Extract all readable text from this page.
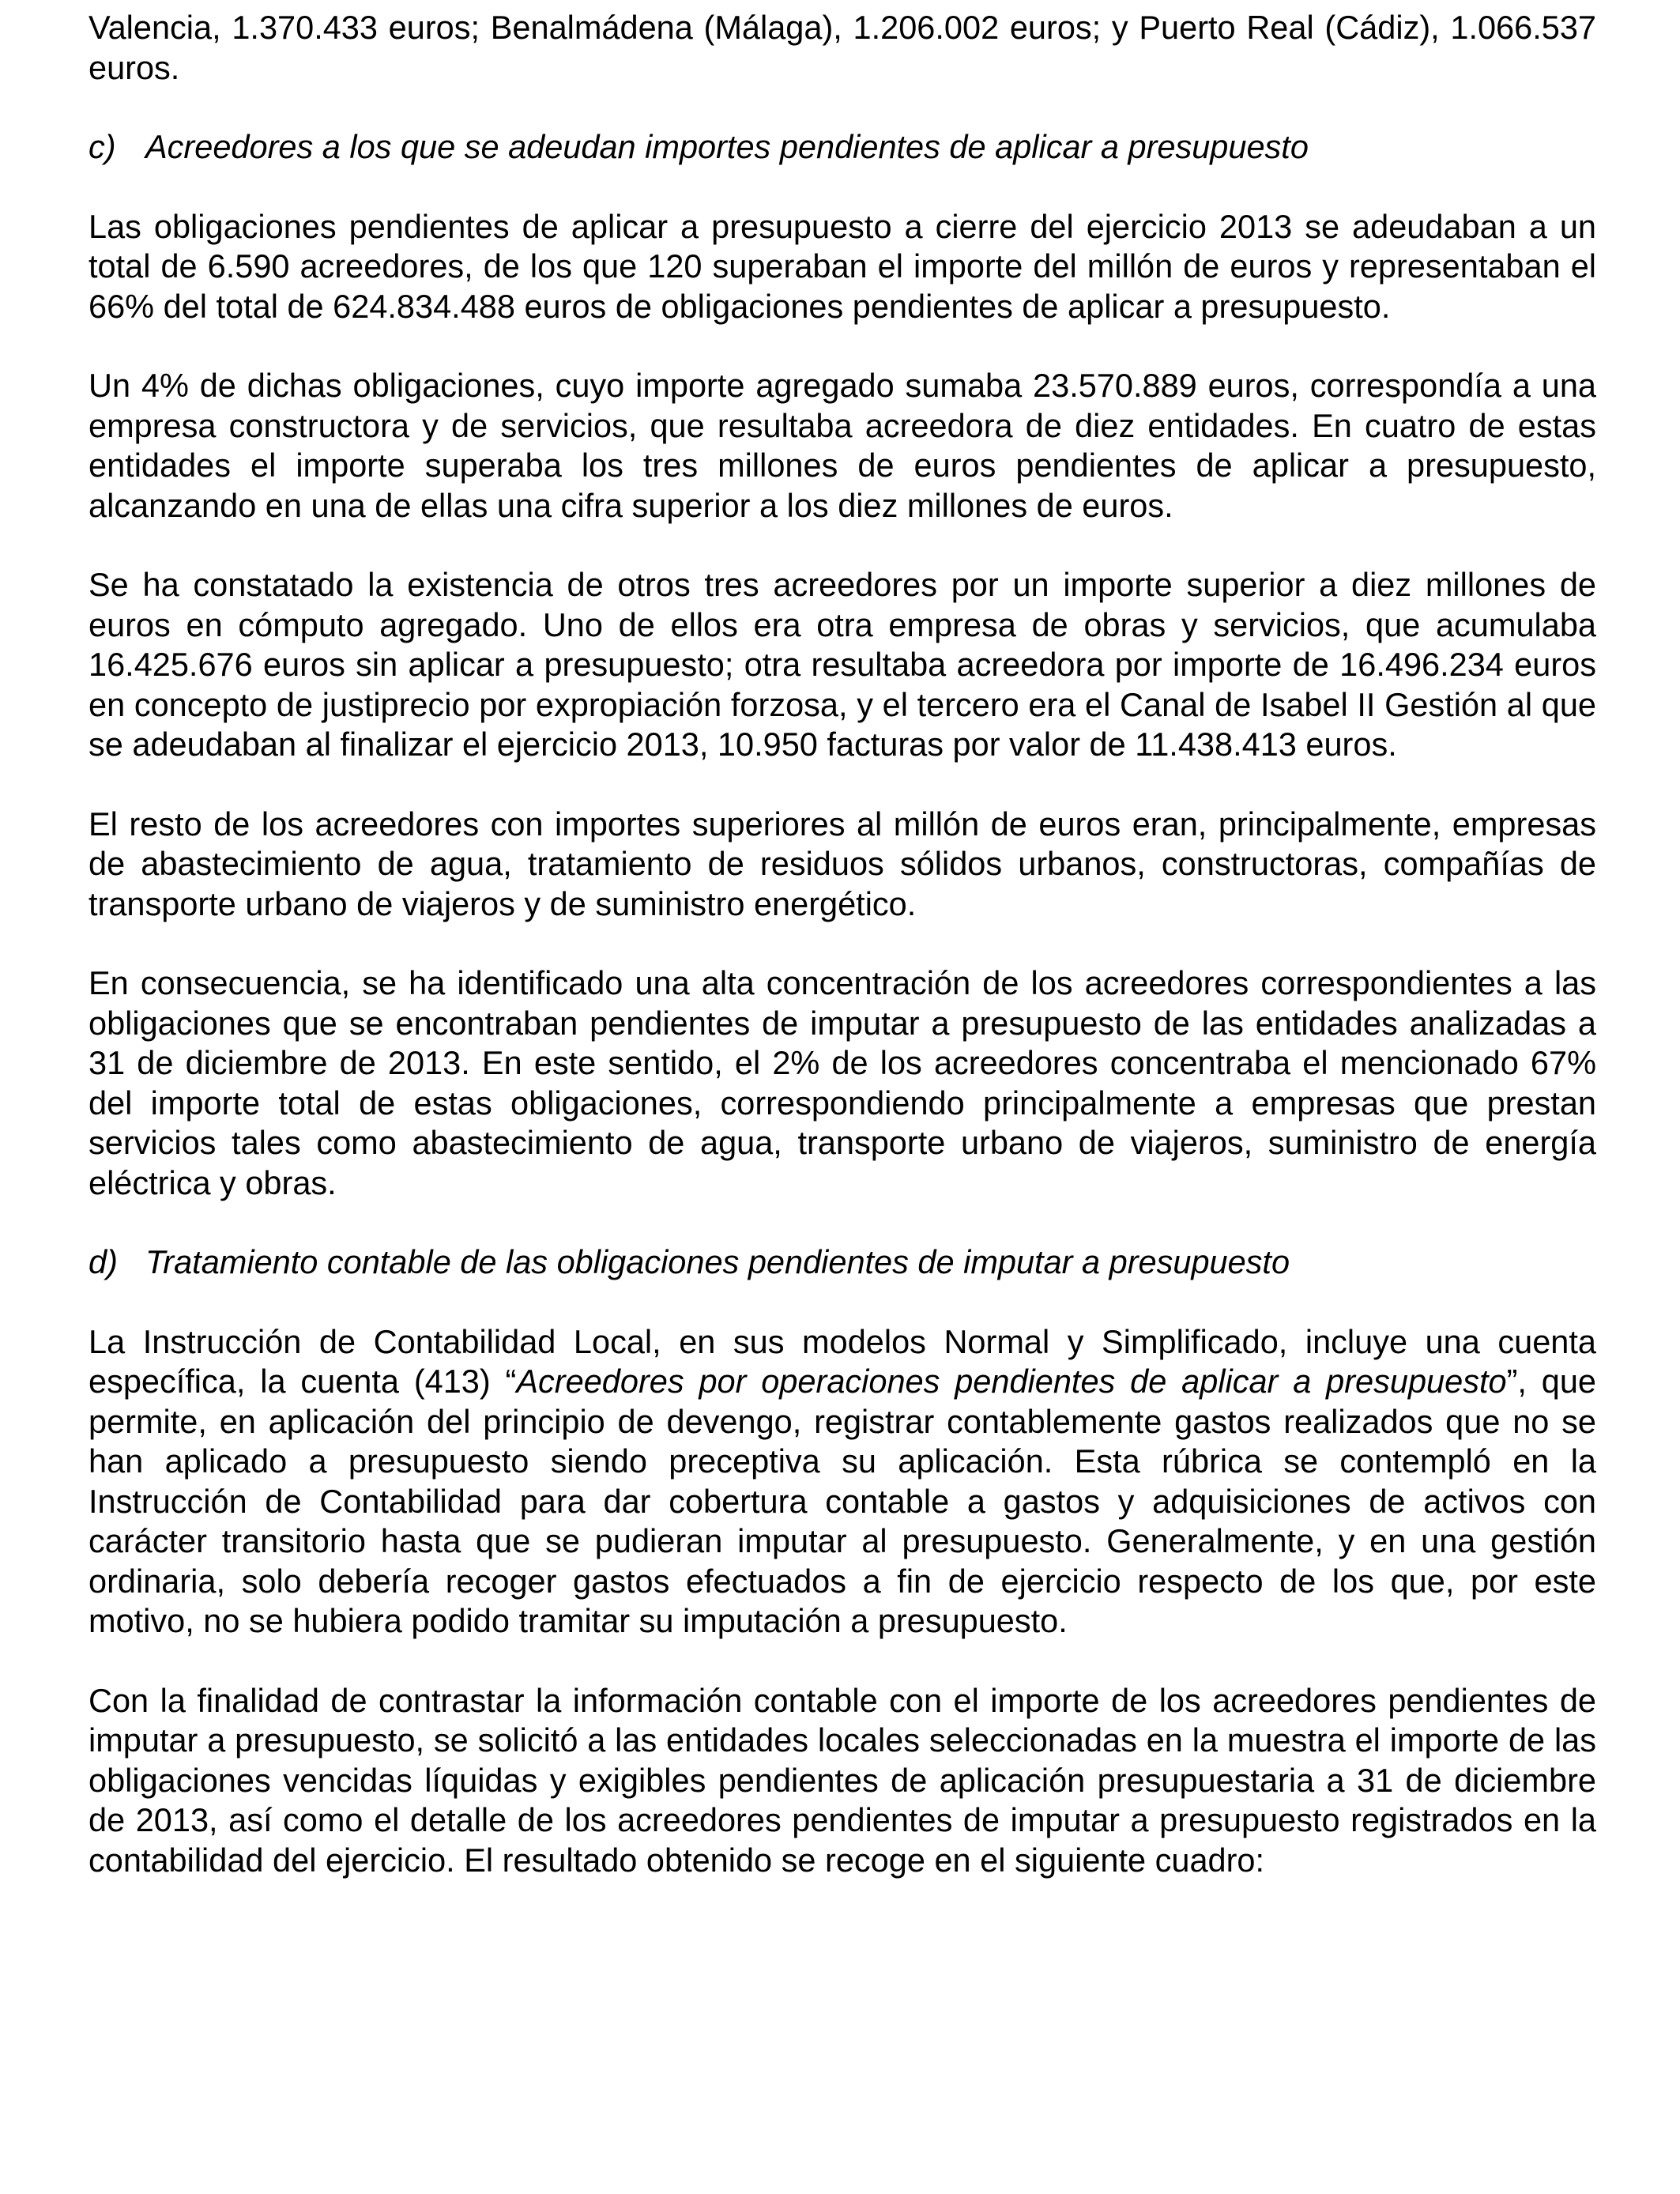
Valencia, 1.370.433 euros; Benalmádena (Málaga), 1.206.002 euros; y Puerto Real (Cádiz), 1.066.537 euros.

c) Acreedores a los que se adeudan importes pendientes de aplicar a presupuesto

Las obligaciones pendientes de aplicar a presupuesto a cierre del ejercicio 2013 se adeudaban a un total de 6.590 acreedores, de los que 120 superaban el importe del millón de euros y representaban el 66% del total de 624.834.488 euros de obligaciones pendientes de aplicar a presupuesto.

Un 4% de dichas obligaciones, cuyo importe agregado sumaba 23.570.889 euros, correspondía a una empresa constructora y de servicios, que resultaba acreedora de diez entidades. En cuatro de estas entidades el importe superaba los tres millones de euros pendientes de aplicar a presupuesto, alcanzando en una de ellas una cifra superior a los diez millones de euros.

Se ha constatado la existencia de otros tres acreedores por un importe superior a diez millones de euros en cómputo agregado. Uno de ellos era otra empresa de obras y servicios, que acumulaba 16.425.676 euros sin aplicar a presupuesto; otra resultaba acreedora por importe de 16.496.234 euros en concepto de justiprecio por expropiación forzosa, y el tercero era el Canal de Isabel II Gestión al que se adeudaban al finalizar el ejercicio 2013, 10.950 facturas por valor de 11.438.413 euros.

El resto de los acreedores con importes superiores al millón de euros eran, principalmente, empresas de abastecimiento de agua, tratamiento de residuos sólidos urbanos, constructoras, compañías de transporte urbano de viajeros y de suministro energético.

En consecuencia, se ha identificado una alta concentración de los acreedores correspondientes a las obligaciones que se encontraban pendientes de imputar a presupuesto de las entidades analizadas a 31 de diciembre de 2013. En este sentido, el 2% de los acreedores concentraba el mencionado 67% del importe total de estas obligaciones, correspondiendo principalmente a empresas que prestan servicios tales como abastecimiento de agua, transporte urbano de viajeros, suministro de energía eléctrica y obras.

d) Tratamiento contable de las obligaciones pendientes de imputar a presupuesto

La Instrucción de Contabilidad Local, en sus modelos Normal y Simplificado, incluye una cuenta específica, la cuenta (413) “Acreedores por operaciones pendientes de aplicar a presupuesto”, que permite, en aplicación del principio de devengo, registrar contablemente gastos realizados que no se han aplicado a presupuesto siendo preceptiva su aplicación. Esta rúbrica se contempló en la Instrucción de Contabilidad para dar cobertura contable a gastos y adquisiciones de activos con carácter transitorio hasta que se pudieran imputar al presupuesto. Generalmente, y en una gestión ordinaria, solo debería recoger gastos efectuados a fin de ejercicio respecto de los que, por este motivo, no se hubiera podido tramitar su imputación a presupuesto.

Con la finalidad de contrastar la información contable con el importe de los acreedores pendientes de imputar a presupuesto, se solicitó a las entidades locales seleccionadas en la muestra el importe de las obligaciones vencidas líquidas y exigibles pendientes de aplicación presupuestaria a 31 de diciembre de 2013, así como el detalle de los acreedores pendientes de imputar a presupuesto registrados en la contabilidad del ejercicio. El resultado obtenido se recoge en el siguiente cuadro:
